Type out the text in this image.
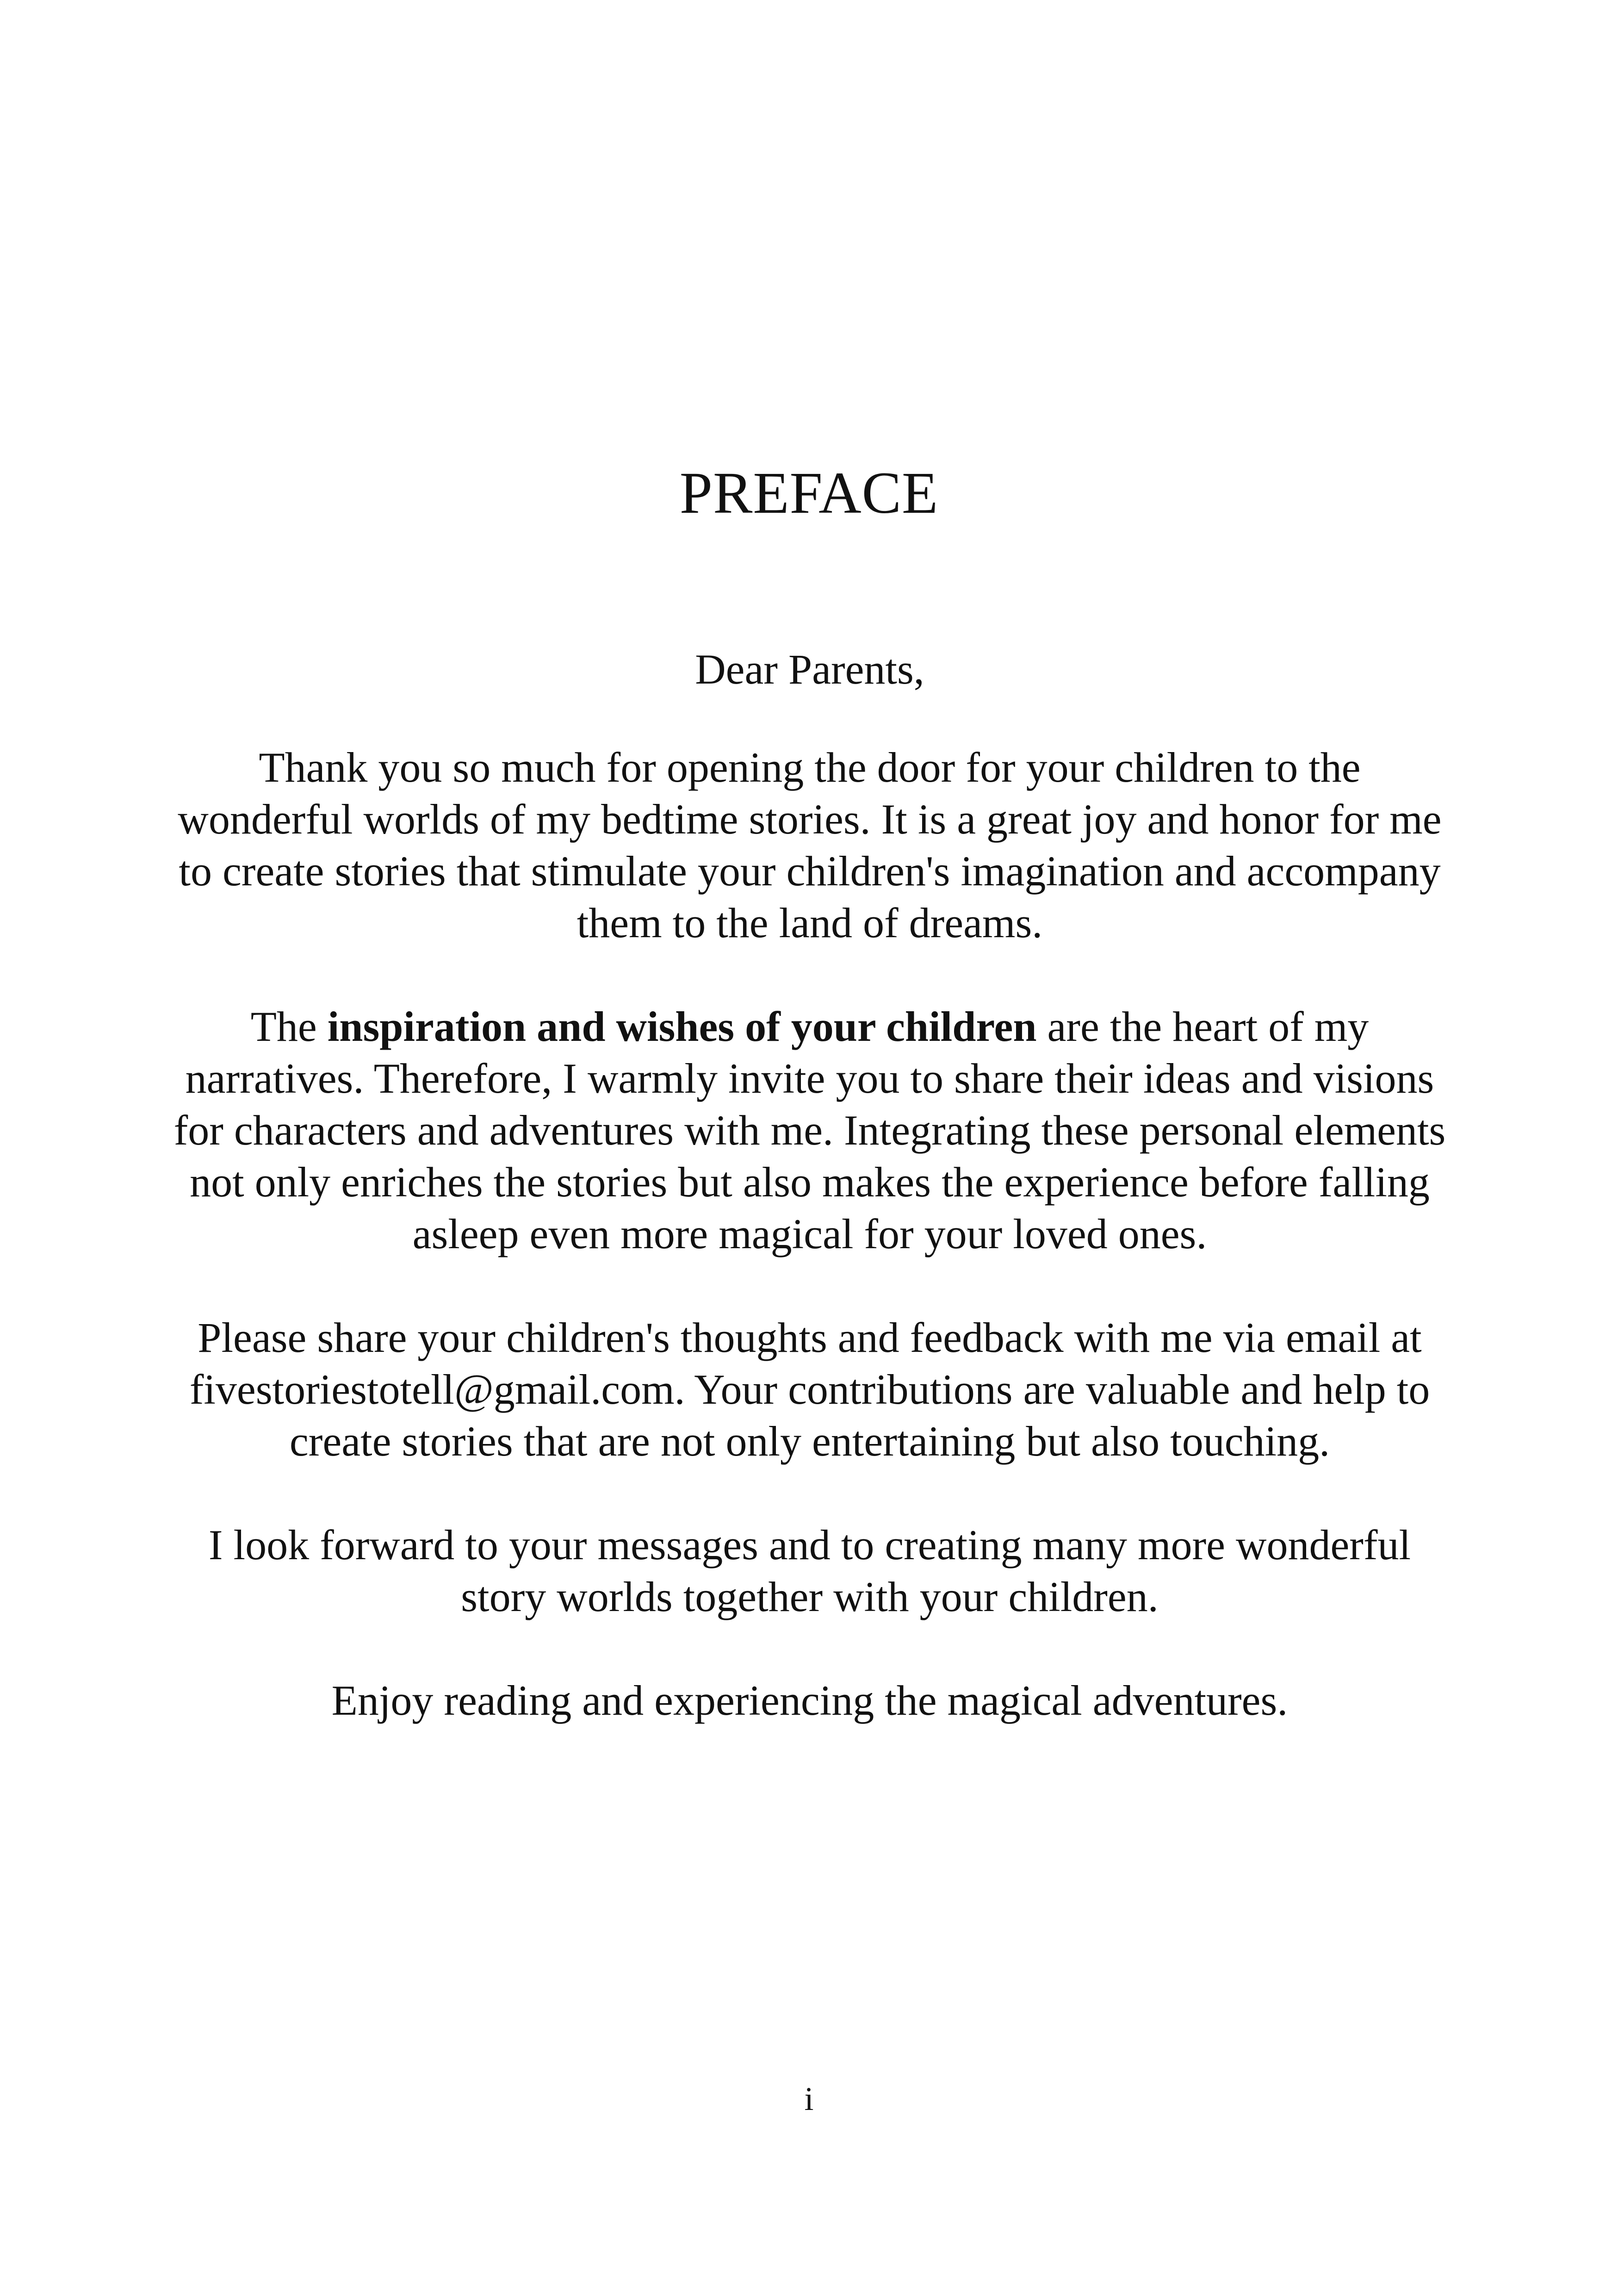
PREFACE

Dear Parents,

Thank you so much for opening the door for your children to the wonderful worlds of my bedtime stories. It is a great joy and honor for me to create stories that stimulate your children's imagination and accompany them to the land of dreams.

The inspiration and wishes of your children are the heart of my narratives. Therefore, I warmly invite you to share their ideas and visions for characters and adventures with me. Integrating these personal elements not only enriches the stories but also makes the experience before falling asleep even more magical for your loved ones.

Please share your children's thoughts and feedback with me via email at fivestoriestotell@gmail.com. Your contributions are valuable and help to create stories that are not only entertaining but also touching.

I look forward to your messages and to creating many more wonderful story worlds together with your children.

Enjoy reading and experiencing the magical adventures.

i
